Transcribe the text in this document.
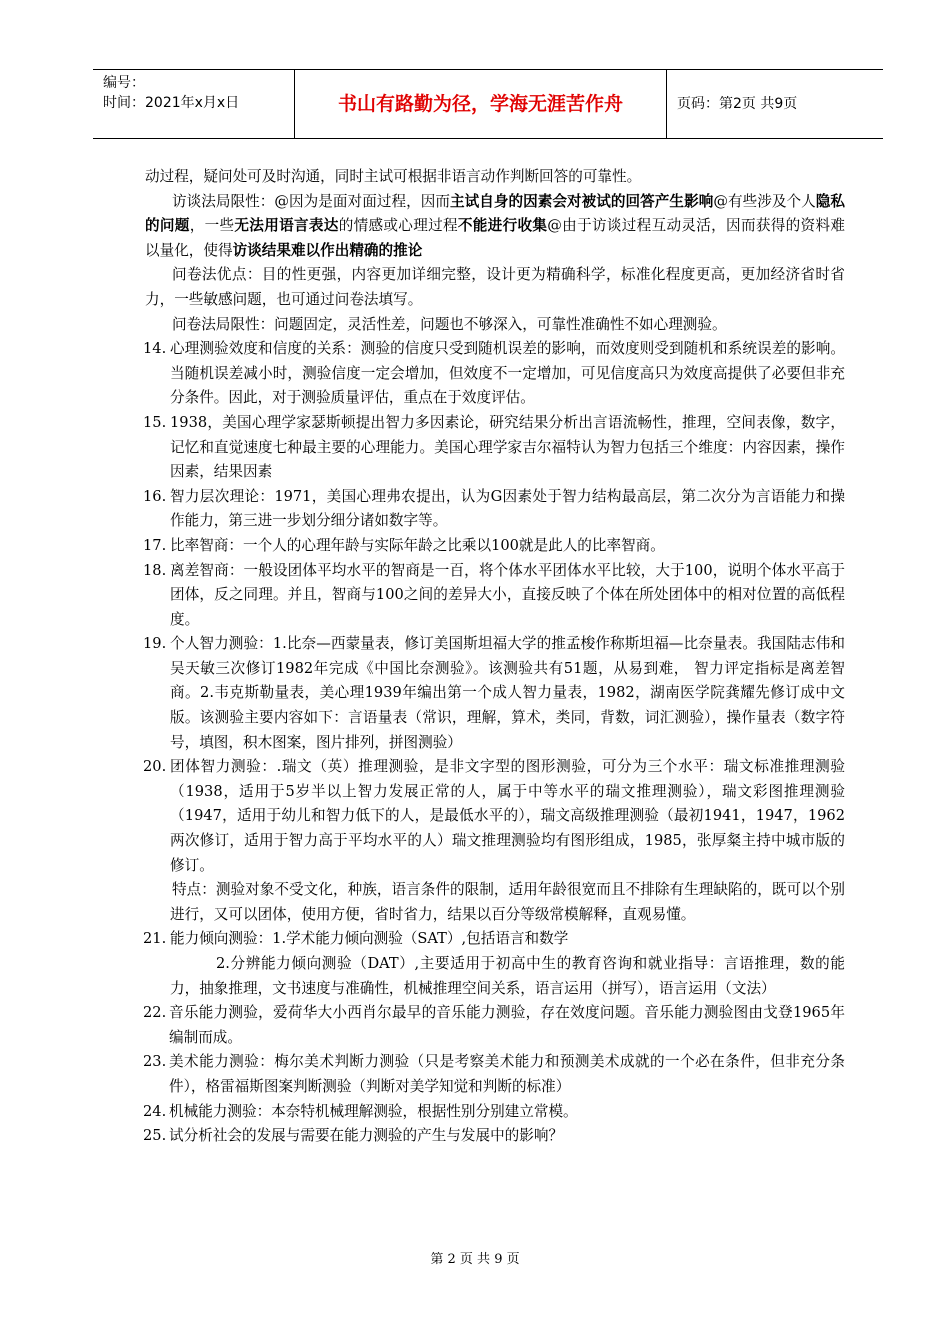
编号：
时间：2021年x月x日	书山有路勤为径，学海无涯苦作舟	页码：第2页 共9页

动过程，疑问处可及时沟通，同时主试可根据非语言动作判断回答的可靠性。

访谈法局限性：@因为是面对面过程，因而主试自身的因素会对被试的回答产生影响@有些涉及个人隐私的问题，一些无法用语言表达的情感或心理过程不能进行收集@由于访谈过程互动灵活，因而获得的资料难以量化，使得访谈结果难以作出精确的推论

问卷法优点：目的性更强，内容更加详细完整，设计更为精确科学，标准化程度更高，更加经济省时省力，一些敏感问题，也可通过问卷法填写。

问卷法局限性：问题固定，灵活性差，问题也不够深入，可靠性准确性不如心理测验。

14. 心理测验效度和信度的关系：测验的信度只受到随机误差的影响，而效度则受到随机和系统误差的影响。当随机误差减小时，测验信度一定会增加，但效度不一定增加，可见信度高只为效度高提供了必要但非充分条件。因此，对于测验质量评估，重点在于效度评估。

15. 1938，美国心理学家瑟斯顿提出智力多因素论，研究结果分析出言语流畅性，推理，空间表像，数字，记忆和直觉速度七种最主要的心理能力。美国心理学家吉尔福特认为智力包括三个维度：内容因素，操作因素，结果因素

16. 智力层次理论：1971，美国心理弗农提出，认为G因素处于智力结构最高层，第二次分为言语能力和操作能力，第三进一步划分细分诸如数字等。

17. 比率智商：一个人的心理年龄与实际年龄之比乘以100就是此人的比率智商。

18. 离差智商：一般设团体平均水平的智商是一百，将个体水平团体水平比较，大于100，说明个体水平高于团体，反之同理。并且，智商与100之间的差异大小，直接反映了个体在所处团体中的相对位置的高低程度。

19. 个人智力测验：1.比奈—西蒙量表，修订美国斯坦福大学的推孟梭作称斯坦福—比奈量表。我国陆志伟和吴天敏三次修订1982年完成《中国比奈测验》。该测验共有51题，从易到难， 智力评定指标是离差智商。2.韦克斯勒量表，美心理1939年编出第一个成人智力量表，1982，湖南医学院龚耀先修订成中文版。该测验主要内容如下：言语量表（常识，理解，算术，类同，背数，词汇测验），操作量表（数字符号，填图，积木图案，图片排列，拼图测验）

20. 团体智力测验：.瑞文（英）推理测验，是非文字型的图形测验，可分为三个水平：瑞文标准推理测验（1938，适用于5岁半以上智力发展正常的人，属于中等水平的瑞文推理测验），瑞文彩图推理测验（1947，适用于幼儿和智力低下的人，是最低水平的），瑞文高级推理测验（最初1941，1947，1962两次修订，适用于智力高于平均水平的人）瑞文推理测验均有图形组成，1985，张厚粲主持中城市版的修订。

特点：测验对象不受文化，种族，语言条件的限制，适用年龄很宽而且不排除有生理缺陷的，既可以个别进行，又可以团体，使用方便，省时省力，结果以百分等级常模解释，直观易懂。

21. 能力倾向测验：1.学术能力倾向测验（SAT）,包括语言和数学

2.分辨能力倾向测验（DAT）,主要适用于初高中生的教育咨询和就业指导：言语推理，数的能力，抽象推理，文书速度与准确性，机械推理空间关系，语言运用（拼写），语言运用（文法）

22. 音乐能力测验，爱荷华大小西肖尔最早的音乐能力测验，存在效度问题。音乐能力测验图由戈登1965年编制而成。

23. 美术能力测验：梅尔美术判断力测验（只是考察美术能力和预测美术成就的一个必在条件，但非充分条件），格雷福斯图案判断测验（判断对美学知觉和判断的标准）

24. 机械能力测验：本奈特机械理解测验，根据性别分别建立常模。

25. 试分析社会的发展与需要在能力测验的产生与发展中的影响？

第 2 页 共 9 页
